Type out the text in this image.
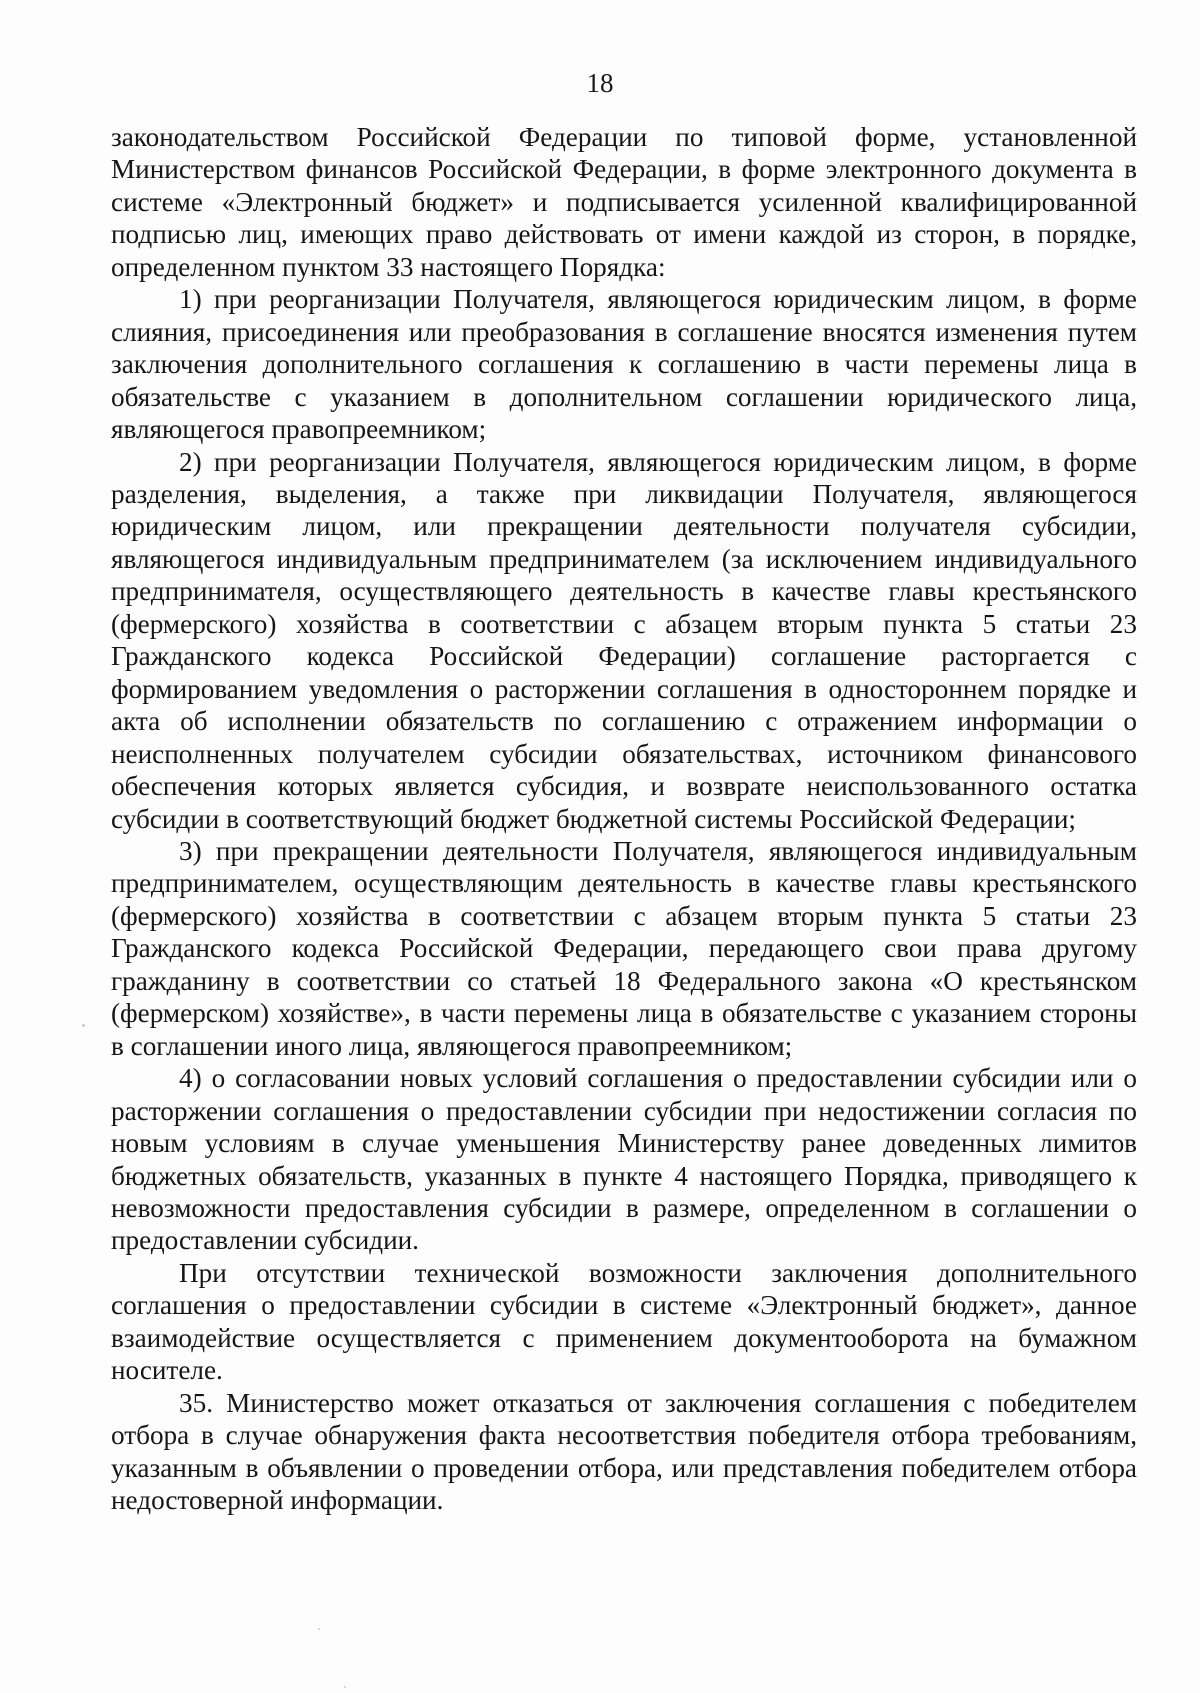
18

законодательством Российской Федерации по типовой форме, установленной Министерством финансов Российской Федерации, в форме электронного документа в системе «Электронный бюджет» и подписывается усиленной квалифицированной подписью лиц, имеющих право действовать от имени каждой из сторон, в порядке, определенном пунктом 33 настоящего Порядка:

1) при реорганизации Получателя, являющегося юридическим лицом, в форме слияния, присоединения или преобразования в соглашение вносятся изменения путем заключения дополнительного соглашения к соглашению в части перемены лица в обязательстве с указанием в дополнительном соглашении юридического лица, являющегося правопреемником;

2) при реорганизации Получателя, являющегося юридическим лицом, в форме разделения, выделения, а также при ликвидации Получателя, являющегося юридическим лицом, или прекращении деятельности получателя субсидии, являющегося индивидуальным предпринимателем (за исключением индивидуального предпринимателя, осуществляющего деятельность в качестве главы крестьянского (фермерского) хозяйства в соответствии с абзацем вторым пункта 5 статьи 23 Гражданского кодекса Российской Федерации) соглашение расторгается с формированием уведомления о расторжении соглашения в одностороннем порядке и акта об исполнении обязательств по соглашению с отражением информации о неисполненных получателем субсидии обязательствах, источником финансового обеспечения которых является субсидия, и возврате неиспользованного остатка субсидии в соответствующий бюджет бюджетной системы Российской Федерации;

3) при прекращении деятельности Получателя, являющегося индивидуальным предпринимателем, осуществляющим деятельность в качестве главы крестьянского (фермерского) хозяйства в соответствии с абзацем вторым пункта 5 статьи 23 Гражданского кодекса Российской Федерации, передающего свои права другому гражданину в соответствии со статьей 18 Федерального закона «О крестьянском (фермерском) хозяйстве», в части перемены лица в обязательстве с указанием стороны в соглашении иного лица, являющегося правопреемником;

4) о согласовании новых условий соглашения о предоставлении субсидии или о расторжении соглашения о предоставлении субсидии при недостижении согласия по новым условиям в случае уменьшения Министерству ранее доведенных лимитов бюджетных обязательств, указанных в пункте 4 настоящего Порядка, приводящего к невозможности предоставления субсидии в размере, определенном в соглашении о предоставлении субсидии.

При отсутствии технической возможности заключения дополнительного соглашения о предоставлении субсидии в системе «Электронный бюджет», данное взаимодействие осуществляется с применением документооборота на бумажном носителе.

35. Министерство может отказаться от заключения соглашения с победителем отбора в случае обнаружения факта несоответствия победителя отбора требованиям, указанным в объявлении о проведении отбора, или представления победителем отбора недостоверной информации.
